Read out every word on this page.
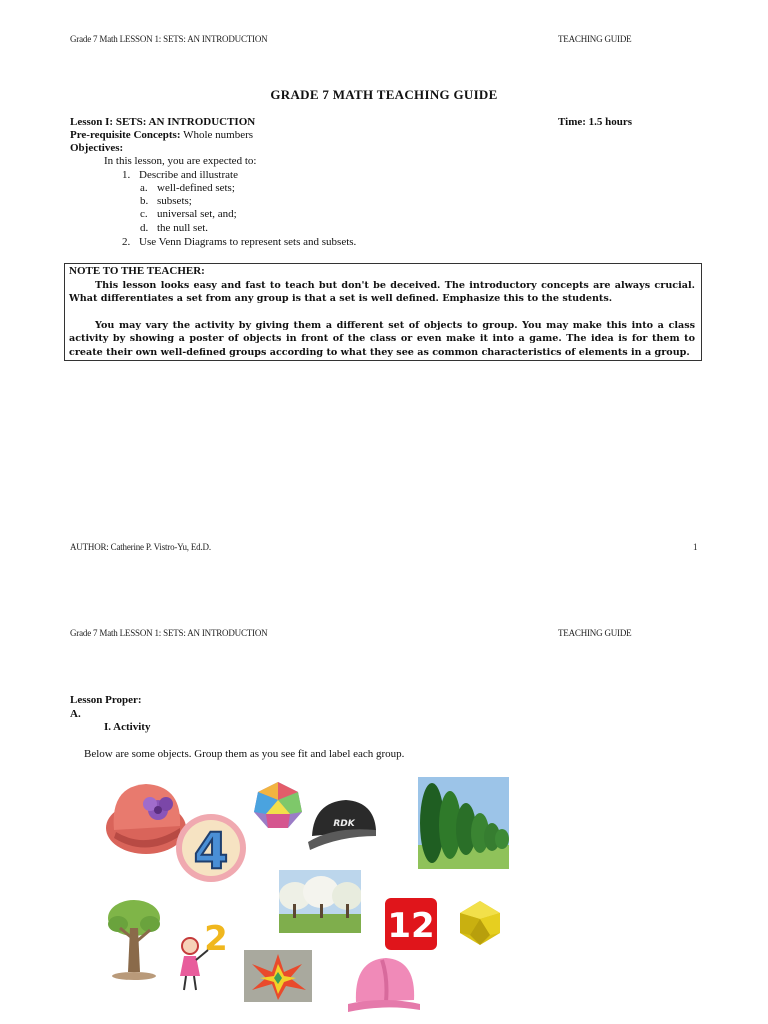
Grade 7 Math LESSON 1: SETS: AN INTRODUCTION	TEACHING GUIDE
GRADE 7 MATH TEACHING GUIDE
Lesson I: SETS: AN INTRODUCTION	Time: 1.5 hours
Pre-requisite Concepts: Whole numbers
Objectives:
In this lesson, you are expected to:
1. Describe and illustrate
a. well-defined sets;
b. subsets;
c. universal set, and;
d. the null set.
2. Use Venn Diagrams to represent sets and subsets.

NOTE TO THE TEACHER:

This lesson looks easy and fast to teach but don't be deceived. The introductory concepts are always crucial. What differentiates a set from any group is that a set is well defined. Emphasize this to the students.

You may vary the activity by giving them a different set of objects to group. You may make this into a class activity by showing a poster of objects in front of the class or even make it into a game. The idea is for them to create their own well-defined groups according to what they see as common characteristics of elements in a group.

AUTHOR: Catherine P. Vistro-Yu, Ed.D.	1
Grade 7 Math LESSON 1: SETS: AN INTRODUCTION	TEACHING GUIDE
Lesson Proper:
A.
I. Activity
Below are some objects. Group them as you see fit and label each group.
4	RDK
2	12
